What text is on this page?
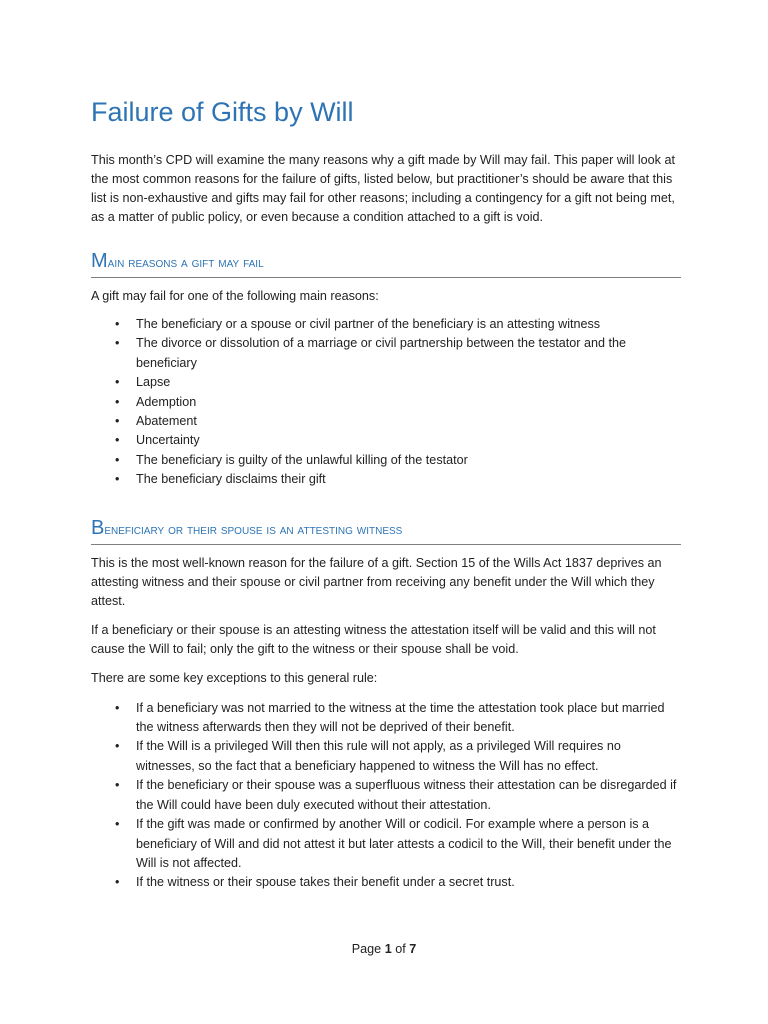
Failure of Gifts by Will

This month’s CPD will examine the many reasons why a gift made by Will may fail. This paper will look at the most common reasons for the failure of gifts, listed below, but practitioner’s should be aware that this list is non-exhaustive and gifts may fail for other reasons; including a contingency for a gift not being met, as a matter of public policy, or even because a condition attached to a gift is void.

Main reasons a gift may fail

A gift may fail for one of the following main reasons:

• The beneficiary or a spouse or civil partner of the beneficiary is an attesting witness
• The divorce or dissolution of a marriage or civil partnership between the testator and the beneficiary
• Lapse
• Ademption
• Abatement
• Uncertainty
• The beneficiary is guilty of the unlawful killing of the testator
• The beneficiary disclaims their gift
Beneficiary or their spouse is an attesting witness

This is the most well-known reason for the failure of a gift. Section 15 of the Wills Act 1837 deprives an attesting witness and their spouse or civil partner from receiving any benefit under the Will which they attest.

If a beneficiary or their spouse is an attesting witness the attestation itself will be valid and this will not cause the Will to fail; only the gift to the witness or their spouse shall be void.

There are some key exceptions to this general rule:

• If a beneficiary was not married to the witness at the time the attestation took place but married the witness afterwards then they will not be deprived of their benefit.
• If the Will is a privileged Will then this rule will not apply, as a privileged Will requires no witnesses, so the fact that a beneficiary happened to witness the Will has no effect.
• If the beneficiary or their spouse was a superfluous witness their attestation can be disregarded if the Will could have been duly executed without their attestation.
• If the gift was made or confirmed by another Will or codicil. For example where a person is a beneficiary of Will and did not attest it but later attests a codicil to the Will, their benefit under the Will is not affected.
• If the witness or their spouse takes their benefit under a secret trust.
Page 1 of 7
